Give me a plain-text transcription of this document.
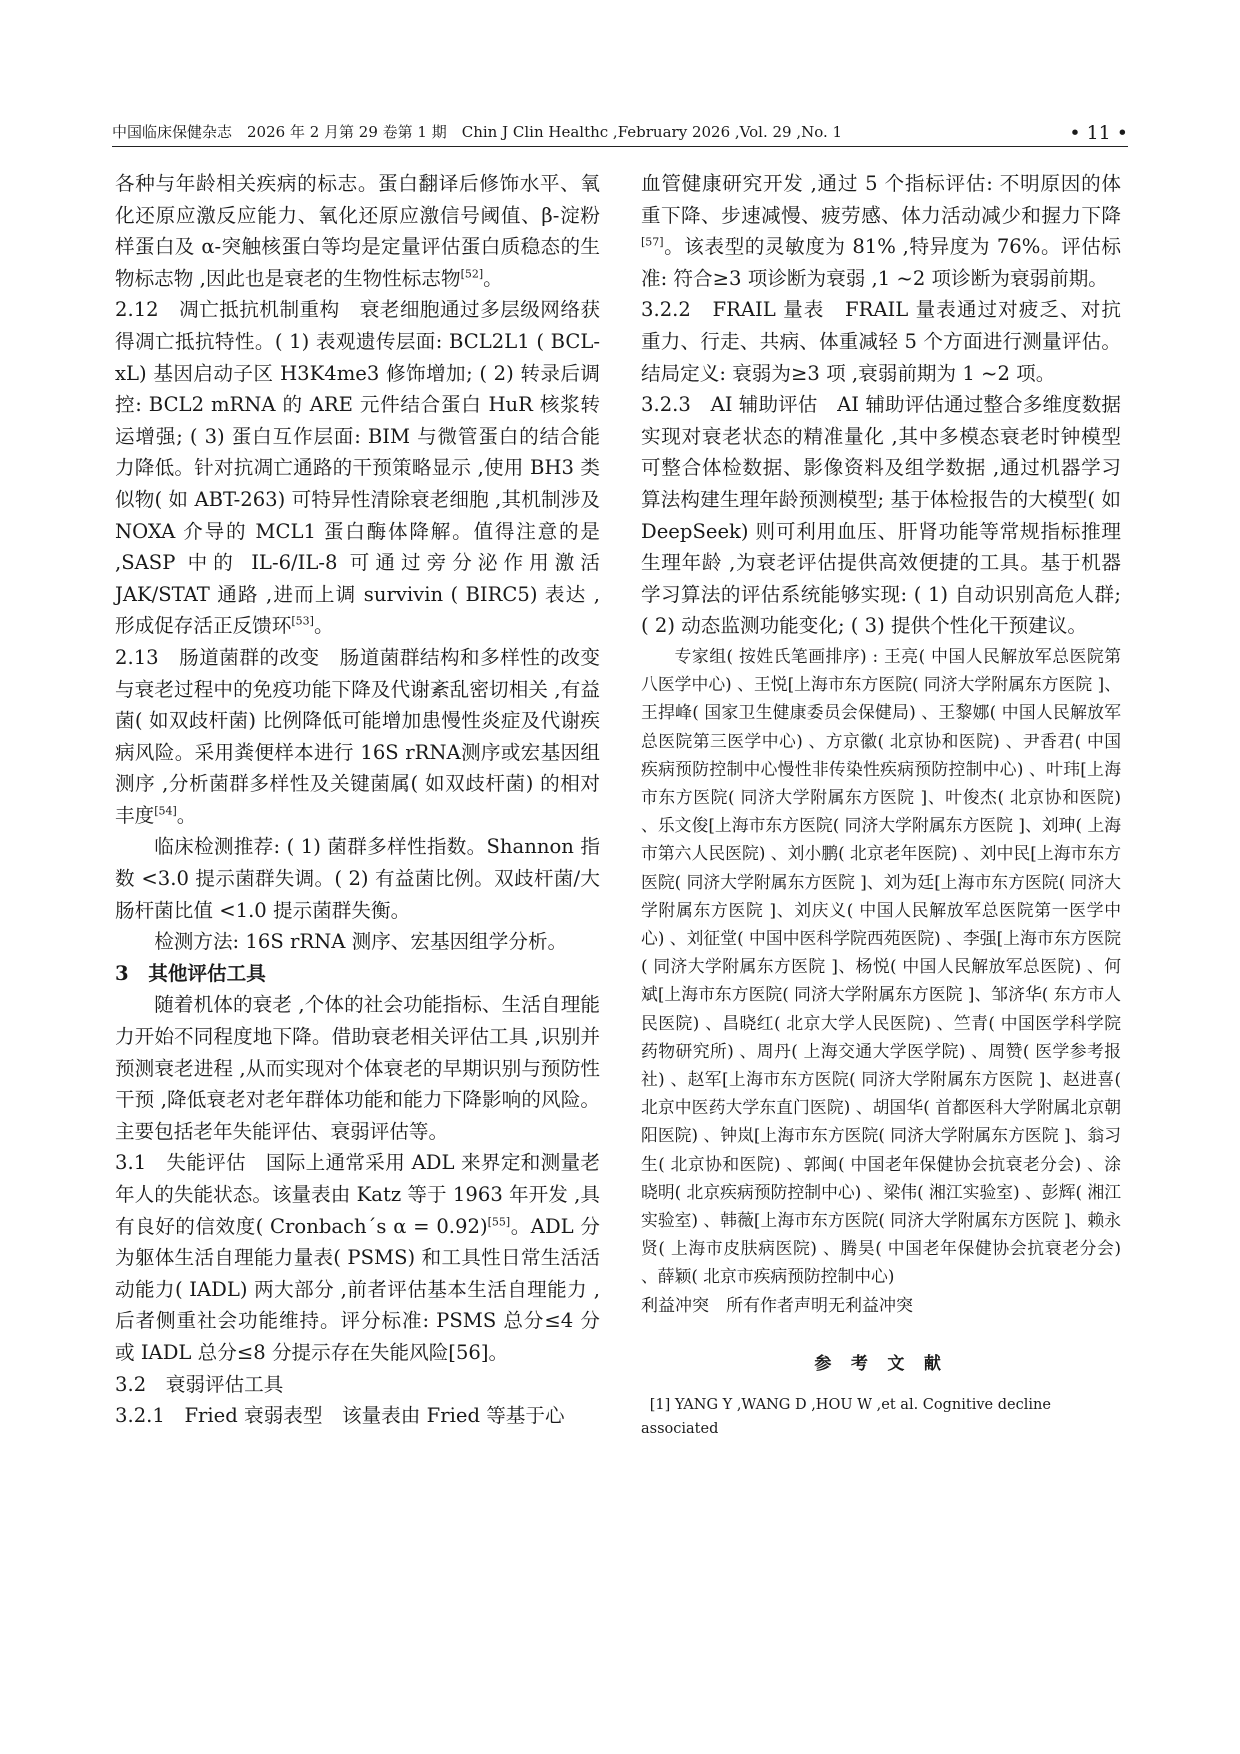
中国临床保健杂志　2026 年 2 月第 29 卷第 1 期　Chin J Clin Healthc ,February 2026 ,Vol. 29 ,No. 1	• 11 •

各种与年龄相关疾病的标志。蛋白翻译后修饰水平、氧化还原应激反应能力、氧化还原应激信号阈值、β-淀粉样蛋白及 α-突触核蛋白等均是定量评估蛋白质稳态的生物标志物 ,因此也是衰老的生物性标志物[52]。

2.12　凋亡抵抗机制重构　衰老细胞通过多层级网络获得凋亡抵抗特性。( 1) 表观遗传层面: BCL2L1 ( BCL-xL) 基因启动子区 H3K4me3 修饰增加; ( 2) 转录后调控: BCL2 mRNA 的 ARE 元件结合蛋白 HuR 核浆转运增强; ( 3) 蛋白互作层面: BIM 与微管蛋白的结合能力降低。针对抗凋亡通路的干预策略显示 ,使用 BH3 类似物( 如 ABT-263) 可特异性清除衰老细胞 ,其机制涉及 NOXA 介导的 MCL1 蛋白酶体降解。值得注意的是 ,SASP 中的 IL-6/IL-8 可通过旁分泌作用激活 JAK/STAT 通路 ,进而上调 survivin ( BIRC5) 表达 ,形成促存活正反馈环[53]。

2.13　肠道菌群的改变　肠道菌群结构和多样性的改变与衰老过程中的免疫功能下降及代谢紊乱密切相关 ,有益菌( 如双歧杆菌) 比例降低可能增加患慢性炎症及代谢疾病风险。采用粪便样本进行 16S rRNA测序或宏基因组测序 ,分析菌群多样性及关键菌属( 如双歧杆菌) 的相对丰度[54]。

临床检测推荐: ( 1) 菌群多样性指数。Shannon 指数 <3.0 提示菌群失调。( 2) 有益菌比例。双歧杆菌/大肠杆菌比值 <1.0 提示菌群失衡。

检测方法: 16S rRNA 测序、宏基因组学分析。

3　其他评估工具

随着机体的衰老 ,个体的社会功能指标、生活自理能力开始不同程度地下降。借助衰老相关评估工具 ,识别并预测衰老进程 ,从而实现对个体衰老的早期识别与预防性干预 ,降低衰老对老年群体功能和能力下降影响的风险。主要包括老年失能评估、衰弱评估等。

3.1　失能评估　国际上通常采用 ADL 来界定和测量老年人的失能状态。该量表由 Katz 等于 1963 年开发 ,具有良好的信效度( Cronbach´s α = 0.92)[55]。ADL 分为躯体生活自理能力量表( PSMS) 和工具性日常生活活动能力( IADL) 两大部分 ,前者评估基本生活自理能力 ,后者侧重社会功能维持。评分标准: PSMS 总分≤4 分或 IADL 总分≤8 分提示存在失能风险[56]。

3.2　衰弱评估工具

3.2.1　Fried 衰弱表型　该量表由 Fried 等基于心

血管健康研究开发 ,通过 5 个指标评估: 不明原因的体重下降、步速减慢、疲劳感、体力活动减少和握力下降[57]。该表型的灵敏度为 81% ,特异度为 76%。评估标准: 符合≥3 项诊断为衰弱 ,1 ~2 项诊断为衰弱前期。

3.2.2　FRAIL 量表　FRAIL 量表通过对疲乏、对抗重力、行走、共病、体重减轻 5 个方面进行测量评估。结局定义: 衰弱为≥3 项 ,衰弱前期为 1 ~2 项。

3.2.3　AI 辅助评估　AI 辅助评估通过整合多维度数据实现对衰老状态的精准量化 ,其中多模态衰老时钟模型可整合体检数据、影像资料及组学数据 ,通过机器学习算法构建生理年龄预测模型; 基于体检报告的大模型( 如 DeepSeek) 则可利用血压、肝肾功能等常规指标推理生理年龄 ,为衰老评估提供高效便捷的工具。基于机器学习算法的评估系统能够实现: ( 1) 自动识别高危人群; ( 2) 动态监测功能变化; ( 3) 提供个性化干预建议。

专家组( 按姓氏笔画排序) : 王亮( 中国人民解放军总医院第八医学中心) 、王悦[上海市东方医院( 同济大学附属东方医院 ]、王捍峰( 国家卫生健康委员会保健局) 、王黎娜( 中国人民解放军总医院第三医学中心) 、方京徽( 北京协和医院) 、尹香君( 中国疾病预防控制中心慢性非传染性疾病预防控制中心) 、叶玮[上海市东方医院( 同济大学附属东方医院 ]、叶俊杰( 北京协和医院) 、乐文俊[上海市东方医院( 同济大学附属东方医院 ]、刘珅( 上海市第六人民医院) 、刘小鹏( 北京老年医院) 、刘中民[上海市东方医院( 同济大学附属东方医院 ]、刘为廷[上海市东方医院( 同济大学附属东方医院 ]、刘庆义( 中国人民解放军总医院第一医学中心) 、刘征堂( 中国中医科学院西苑医院) 、李强[上海市东方医院( 同济大学附属东方医院 ]、杨悦( 中国人民解放军总医院) 、何斌[上海市东方医院( 同济大学附属东方医院 ]、邹济华( 东方市人民医院) 、昌晓红( 北京大学人民医院) 、竺青( 中国医学科学院药物研究所) 、周丹( 上海交通大学医学院) 、周赞( 医学参考报社) 、赵军[上海市东方医院( 同济大学附属东方医院 ]、赵进喜( 北京中医药大学东直门医院) 、胡国华( 首都医科大学附属北京朝阳医院) 、钟岚[上海市东方医院( 同济大学附属东方医院 ]、翁习生( 北京协和医院) 、郭闽( 中国老年保健协会抗衰老分会) 、涂晓明( 北京疾病预防控制中心) 、梁伟( 湘江实验室) 、彭辉( 湘江实验室) 、韩薇[上海市东方医院( 同济大学附属东方医院 ]、赖永贤( 上海市皮肤病医院) 、腾昊( 中国老年保健协会抗衰老分会) 、薛颖( 北京市疾病预防控制中心)

利益冲突　所有作者声明无利益冲突

参 考 文 献
[1] YANG Y ,WANG D ,HOU W ,et al. Cognitive decline associated
